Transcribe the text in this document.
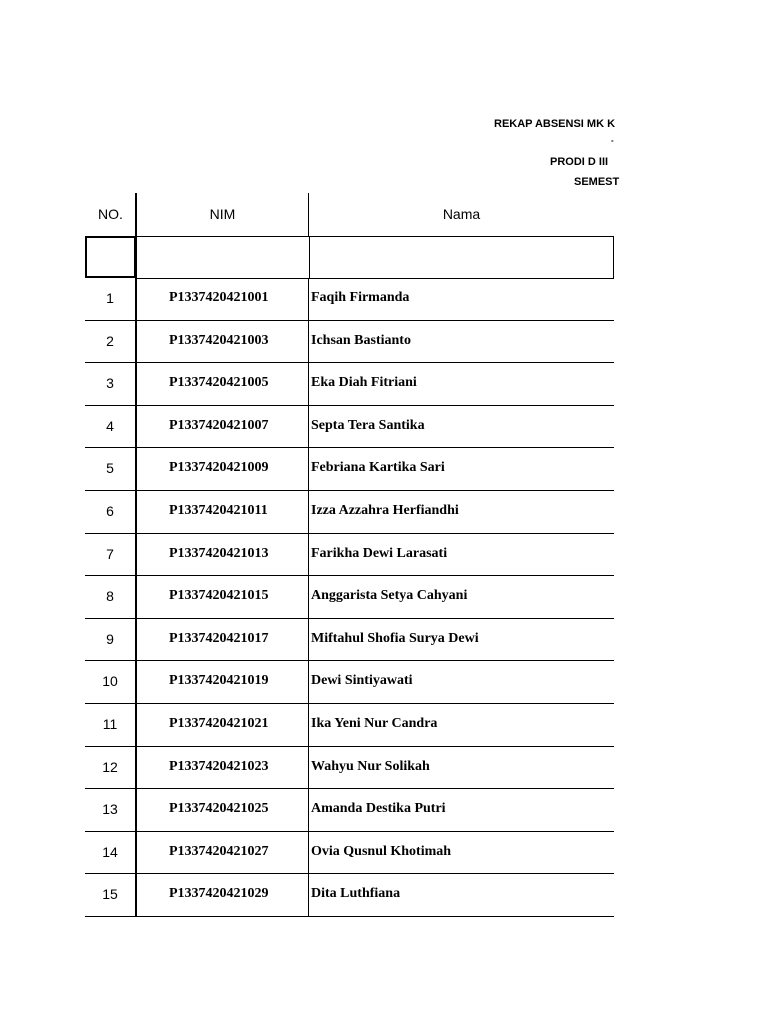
REKAP ABSENSI MK K
-
PRODI D III
SEMEST
NO.	NIM	Nama
1	P1337420421001	Faqih Firmanda
2	P1337420421003	Ichsan Bastianto
3	P1337420421005	Eka Diah Fitriani
4	P1337420421007	Septa Tera Santika
5	P1337420421009	Febriana Kartika Sari
6	P1337420421011	Izza Azzahra Herfiandhi
7	P1337420421013	Farikha Dewi Larasati
8	P1337420421015	Anggarista Setya Cahyani
9	P1337420421017	Miftahul Shofia Surya Dewi
10	P1337420421019	Dewi Sintiyawati
11	P1337420421021	Ika Yeni Nur Candra
12	P1337420421023	Wahyu Nur Solikah
13	P1337420421025	Amanda Destika Putri
14	P1337420421027	Ovia Qusnul Khotimah
15	P1337420421029	Dita Luthfiana
